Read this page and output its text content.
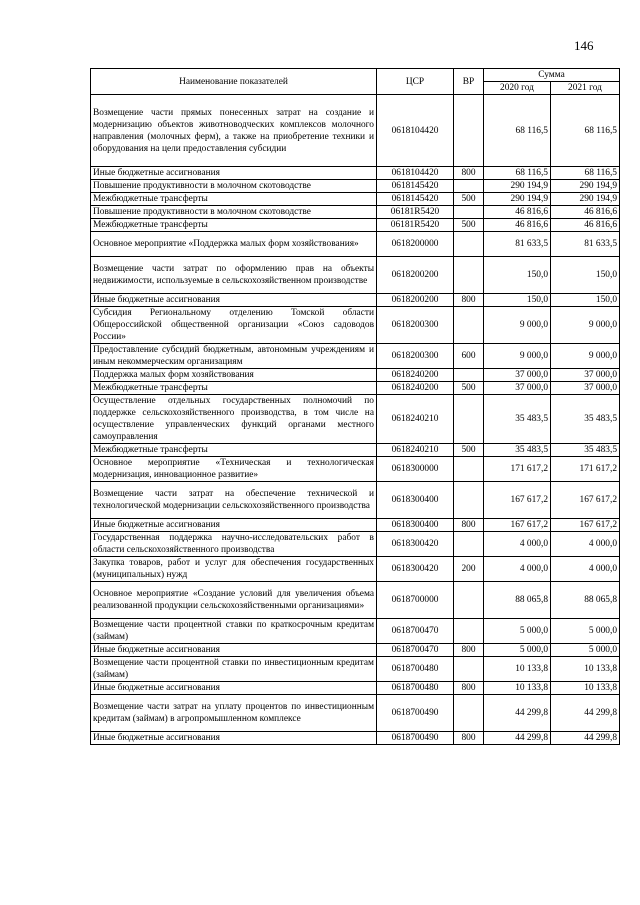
146
Наименование показателей	ЦСР	ВР	Сумма	
			2020 год	2021 год
Возмещение части прямых понесенных затрат на создание и модернизацию объектов животноводческих комплексов молочного направления (молочных ферм), а также на приобретение техники и оборудования на цели предоставления субсидии	0618104420		68 116,5	68 116,5
Иные бюджетные ассигнования	0618104420	800	68 116,5	68 116,5
Повышение продуктивности в молочном скотоводстве	0618145420		290 194,9	290 194,9
Межбюджетные трансферты	0618145420	500	290 194,9	290 194,9
Повышение продуктивности в молочном скотоводстве	06181R5420		46 816,6	46 816,6
Межбюджетные трансферты	06181R5420	500	46 816,6	46 816,6
Основное мероприятие «Поддержка малых форм хозяйствования»	0618200000		81 633,5	81 633,5
Возмещение части затрат по оформлению прав на объекты недвижимости, используемые в сельскохозяйственном производстве	0618200200		150,0	150,0
Иные бюджетные ассигнования	0618200200	800	150,0	150,0
Субсидия Региональному отделению Томской области Общероссийской общественной организации «Союз садоводов России»	0618200300		9 000,0	9 000,0
Предоставление субсидий бюджетным, автономным учреждениям и иным некоммерческим организациям	0618200300	600	9 000,0	9 000,0
Поддержка малых форм хозяйствования	0618240200		37 000,0	37 000,0
Межбюджетные трансферты	0618240200	500	37 000,0	37 000,0
Осуществление отдельных государственных полномочий по поддержке сельскохозяйственного производства, в том числе на осуществление управленческих функций органами местного самоуправления	0618240210		35 483,5	35 483,5
Межбюджетные трансферты	0618240210	500	35 483,5	35 483,5
Основное мероприятие «Техническая и технологическая модернизация, инновационное развитие»	0618300000		171 617,2	171 617,2
Возмещение части затрат на обеспечение технической и технологической модернизации сельскохозяйственного производства	0618300400		167 617,2	167 617,2
Иные бюджетные ассигнования	0618300400	800	167 617,2	167 617,2
Государственная поддержка научно-исследовательских работ в области сельскохозяйственного производства	0618300420		4 000,0	4 000,0
Закупка товаров, работ и услуг для обеспечения государственных (муниципальных) нужд	0618300420	200	4 000,0	4 000,0
Основное мероприятие «Создание условий для увеличения объема реализованной продукции сельскохозяйственными организациями»	0618700000		88 065,8	88 065,8
Возмещение части процентной ставки по краткосрочным кредитам (займам)	0618700470		5 000,0	5 000,0
Иные бюджетные ассигнования	0618700470	800	5 000,0	5 000,0
Возмещение части процентной ставки по инвестиционным кредитам (займам)	0618700480		10 133,8	10 133,8
Иные бюджетные ассигнования	0618700480	800	10 133,8	10 133,8
Возмещение части затрат на уплату процентов по инвестиционным кредитам (займам) в агропромышленном комплексе	0618700490		44 299,8	44 299,8
Иные бюджетные ассигнования	0618700490	800	44 299,8	44 299,8
